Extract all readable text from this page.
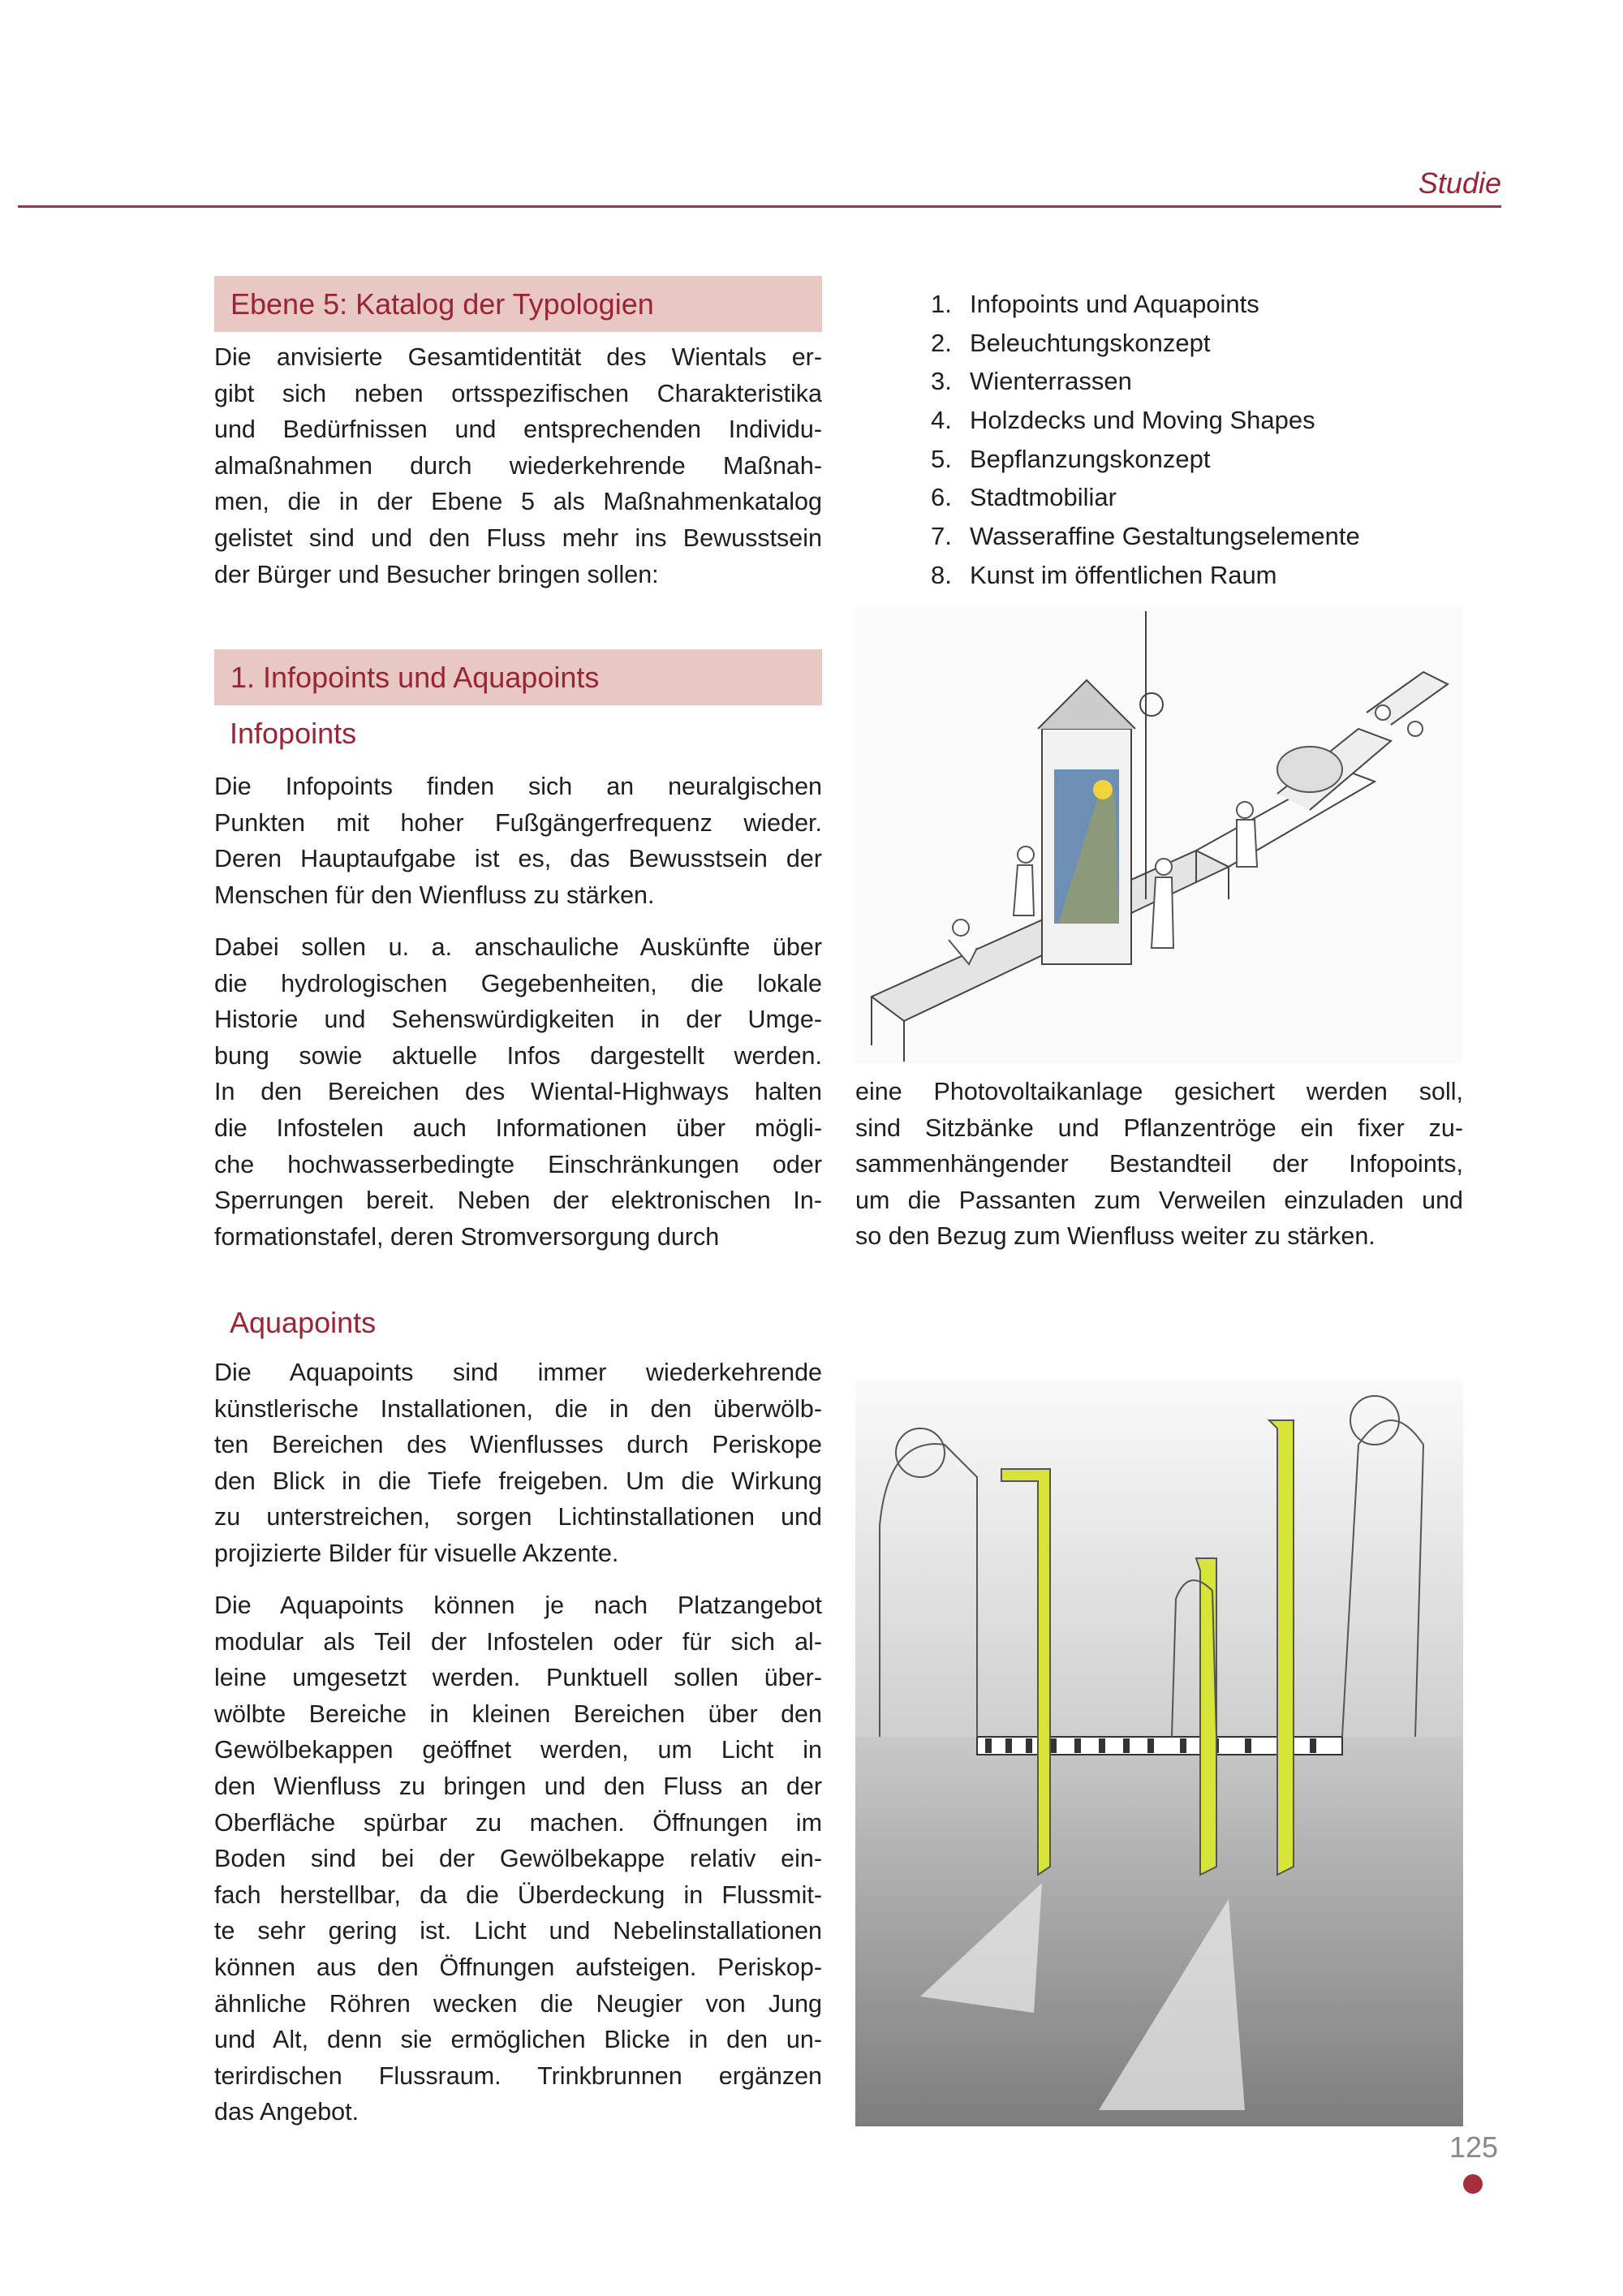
Studie
Ebene 5: Katalog der Typologien
Die anvisierte Gesamtidentität des Wientals er-
gibt sich neben ortsspezifischen Charakteristika
und Bedürfnissen und entsprechenden Individu-
almaßnahmen durch wiederkehrende Maßnah-
men, die in der Ebene 5 als Maßnahmenkatalog
gelistet sind und den Fluss mehr ins Bewusstsein
der Bürger und Besucher bringen sollen:
1. Infopoints und Aquapoints
2. Beleuchtungskonzept
3. Wienterrassen
4. Holzdecks und Moving Shapes
5. Bepflanzungskonzept
6. Stadtmobiliar
7. Wasseraffine Gestaltungselemente
8. Kunst im öffentlichen Raum
1. Infopoints und Aquapoints
Infopoints
Die Infopoints finden sich an neuralgischen
Punkten mit hoher Fußgängerfrequenz wieder.
Deren Hauptaufgabe ist es, das Bewusstsein der
Menschen für den Wienfluss zu stärken.
Dabei sollen u. a. anschauliche Auskünfte über
die hydrologischen Gegebenheiten, die lokale
Historie und Sehenswürdigkeiten in der Umge-
bung sowie aktuelle Infos dargestellt werden.
In den Bereichen des Wiental-Highways halten
die Infostelen auch Informationen über mögli-
che hochwasserbedingte Einschränkungen oder
Sperrungen bereit. Neben der elektronischen In-
formationstafel, deren Stromversorgung durch
eine Photovoltaikanlage gesichert werden soll,
sind Sitzbänke und Pflanzentröge ein fixer zu-
sammenhängender Bestandteil der Infopoints,
um die Passanten zum Verweilen einzuladen und
so den Bezug zum Wienfluss weiter zu stärken.
Aquapoints
Die Aquapoints sind immer wiederkehrende
künstlerische Installationen, die in den überwölb-
ten Bereichen des Wienflusses durch Periskope
den Blick in die Tiefe freigeben. Um die Wirkung
zu unterstreichen, sorgen Lichtinstallationen und
projizierte Bilder für visuelle Akzente.
Die Aquapoints können je nach Platzangebot
modular als Teil der Infostelen oder für sich al-
leine umgesetzt werden. Punktuell sollen über-
wölbte Bereiche in kleinen Bereichen über den
Gewölbekappen geöffnet werden, um Licht in
den Wienfluss zu bringen und den Fluss an der
Oberfläche spürbar zu machen. Öffnungen im
Boden sind bei der Gewölbekappe relativ ein-
fach herstellbar, da die Überdeckung in Flussmit-
te sehr gering ist. Licht und Nebelinstallationen
können aus den Öffnungen aufsteigen. Periskop-
ähnliche Röhren wecken die Neugier von Jung
und Alt, denn sie ermöglichen Blicke in den un-
terirdischen Flussraum. Trinkbrunnen ergänzen
das Angebot.
125
